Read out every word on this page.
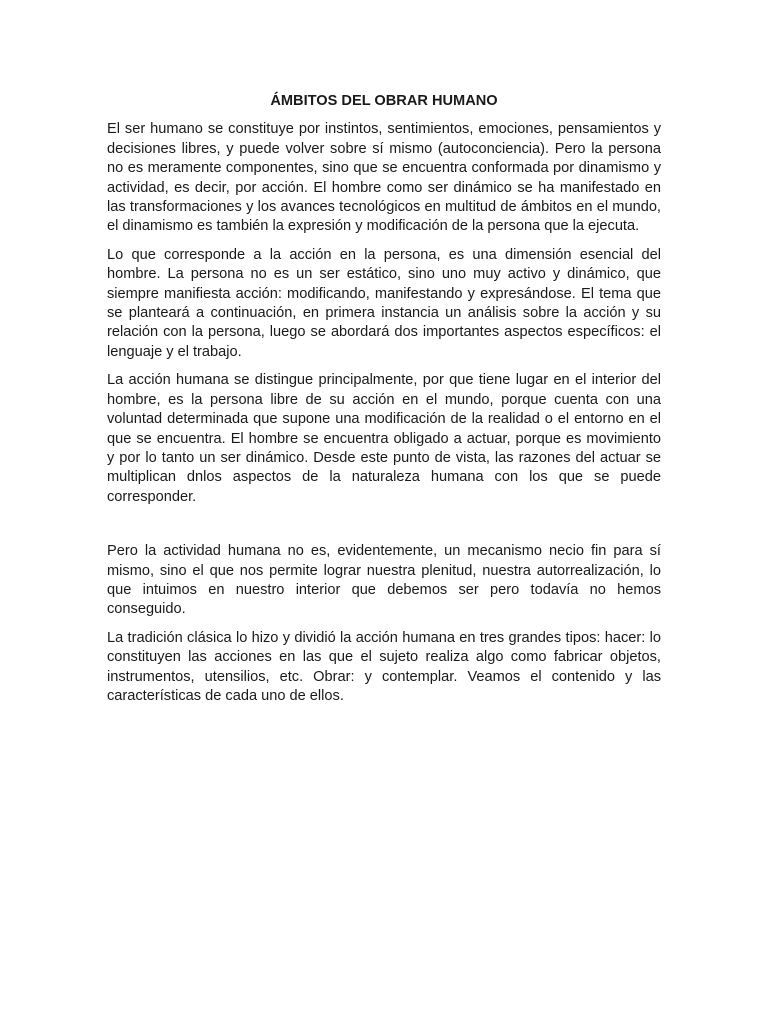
ÁMBITOS DEL OBRAR HUMANO

El ser humano se constituye por instintos, sentimientos, emociones, pensamientos y decisiones libres, y puede volver sobre sí mismo (autoconciencia). Pero la persona no es meramente componentes, sino que se encuentra conformada por dinamismo y actividad, es decir, por acción. El hombre como ser dinámico se ha manifestado en las transformaciones y los avances tecnológicos en multitud de ámbitos en el mundo, el dinamismo es también la expresión y modificación de la persona que la ejecuta.

Lo que corresponde a la acción en la persona, es una dimensión esencial del hombre. La persona no es un ser estático, sino uno muy activo y dinámico, que siempre manifiesta acción: modificando, manifestando y expresándose. El tema que se planteará a continuación, en primera instancia un análisis sobre la acción y su relación con la persona, luego se abordará dos importantes aspectos específicos: el lenguaje y el trabajo.

La acción humana se distingue principalmente, por que tiene lugar en el interior del hombre, es la persona libre de su acción en el mundo, porque cuenta con una voluntad determinada que supone una modificación de la realidad o el entorno en el que se encuentra. El hombre se encuentra obligado a actuar, porque es movimiento y por lo tanto un ser dinámico. Desde este punto de vista, las razones del actuar se multiplican dnlos aspectos de la naturaleza humana con los que se puede corresponder.

Pero la actividad humana no es, evidentemente, un mecanismo necio fin para sí mismo, sino el que nos permite lograr nuestra plenitud, nuestra autorrealización, lo que intuimos en nuestro interior que debemos ser pero todavía no hemos conseguido.

La tradición clásica lo hizo y dividió la acción humana en tres grandes tipos: hacer: lo constituyen las acciones en las que el sujeto realiza algo como fabricar objetos, instrumentos, utensilios, etc. Obrar: y contemplar. Veamos el contenido y las características de cada uno de ellos.
